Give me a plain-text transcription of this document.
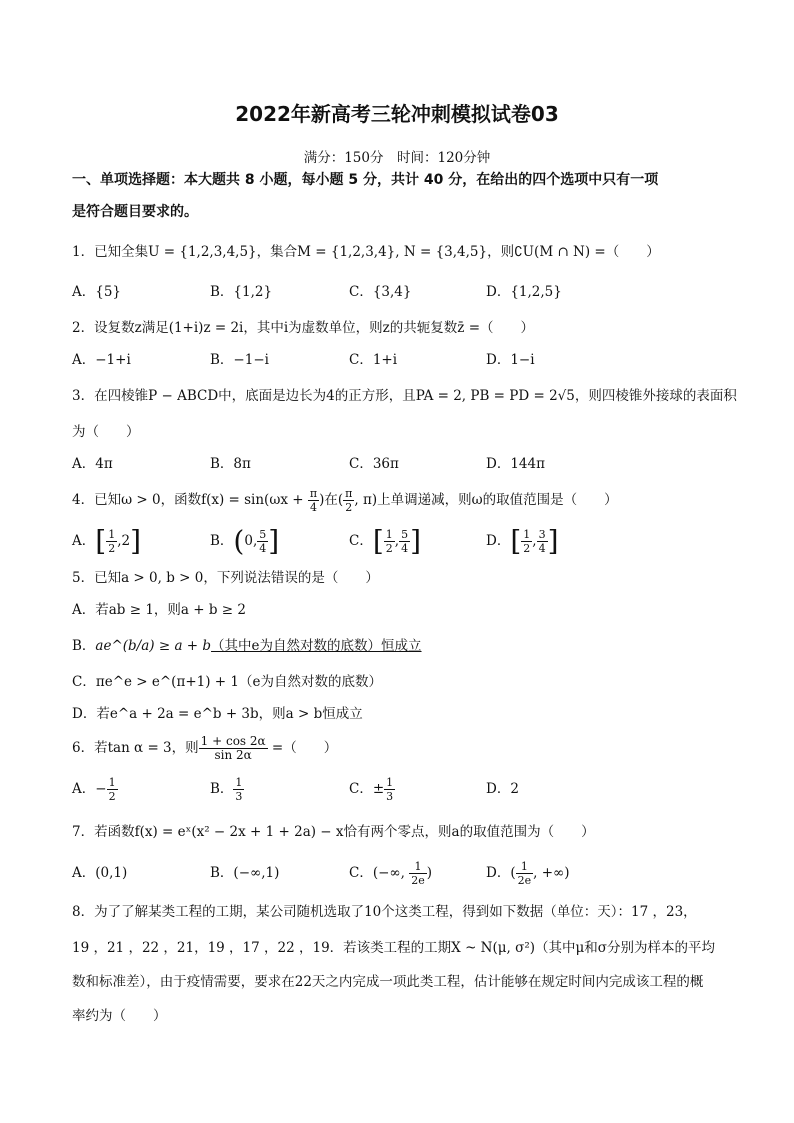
2022年新高考三轮冲刺模拟试卷03
满分：150分　时间：120分钟
一、单项选择题：本大题共 8 小题，每小题 5 分，共计 40 分，在给出的四个选项中只有一项
是符合题目要求的。
1．已知全集U = {1,2,3,4,5}，集合M = {1,2,3,4}, N = {3,4,5}，则∁U(M ∩ N) =（　　）
A．{5}	B．{1,2}	C．{3,4}	D．{1,2,5}
2．设复数z满足(1+i)z = 2i，其中i为虚数单位，则z的共轭复数z̄ =（　　）
A．−1+i	B．−1−i	C．1+i	D．1−i
3．在四棱锥P − ABCD中，底面是边长为4的正方形，且PA = 2, PB = PD = 2√5，则四棱锥外接球的表面积
为（　　）
A．4π	B．8π	C．36π	D．144π
4．已知ω > 0，函数$f(x) = \sin(\omega x + \frac{\pi}{4}$ )在( $\frac{\pi}{2}$ , π)上单调递减，则ω的取值范围是（　　）
A．[ $\frac{1}{2} ,2$]	B．(0, $\frac{5}{4}$ ]	C．[ $\frac{1}{2}$ , $\frac{5}{4}$ ]	D．[ $\frac{1}{2}$ , $\frac{3}{4}$ ]
5．已知a > 0, b > 0，下列说法错误的是（　　）
A．若ab ≥ 1，则a + b ≥ 2
B．ae^(b/a) ≥ a + b（其中e为自然对数的底数）恒成立
C．πe^e > e^(π+1) + 1（e为自然对数的底数）
D．若e^a + 2a = e^b + 3b，则a > b恒成立
6．若tan α = 3，则 $\frac{1 + \cos 2\alpha}{\sin 2\alpha}$ =（　　）
A．− $\frac{1}{2}$	B． $\frac{1}{3}$	C．± $\frac{1}{3}$	D．2
7．若函数f(x) = eˣ(x² − 2x + 1 + 2a) − x恰有两个零点，则a的取值范围为（　　）
A．(0,1)	B．(−∞,1)	C．(−∞, $\frac{1}{2e}$ )	D．( $\frac{1}{2e}$ , +∞)
8．为了了解某类工程的工期，某公司随机选取了10个这类工程，得到如下数据（单位：天）：17 ，23，
19 ，21 ，22 ，21，19 ，17 ，22 ，19．若该类工程的工期X ~ N(μ, σ²)（其中μ和σ分别为样本的平均
数和标准差），由于疫情需要，要求在22天之内完成一项此类工程，估计能够在规定时间内完成该工程的概
率约为（　　）
